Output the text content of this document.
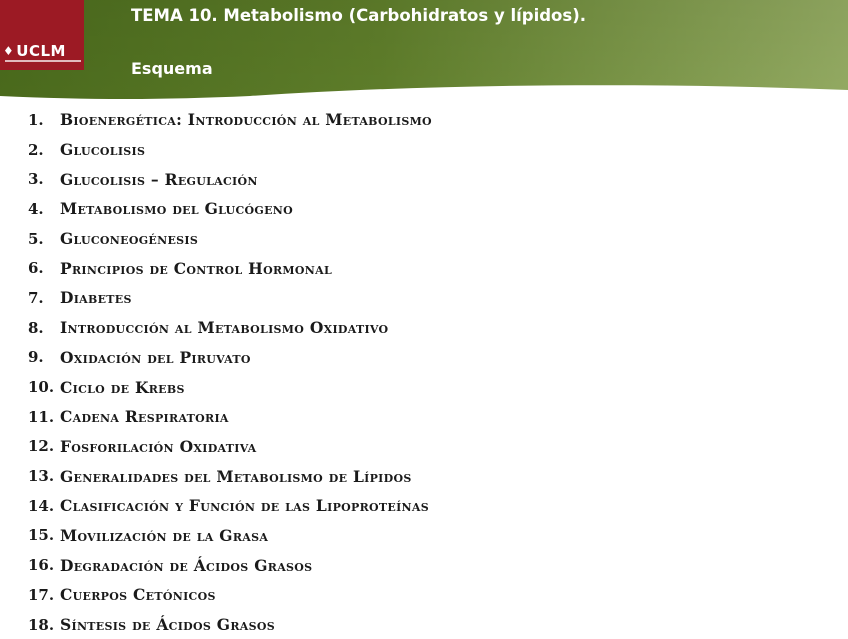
♦ UCLM
TEMA 10. Metabolismo (Carbohidratos y lípidos).
Esquema
1.	Bioenergética: Introducción al Metabolismo
2.	Glucolisis
3.	Glucolisis – Regulación
4.	Metabolismo del Glucógeno
5.	Gluconeogénesis
6.	Principios de Control Hormonal
7.	Diabetes
8.	Introducción al Metabolismo Oxidativo
9.	Oxidación del Piruvato
10. Ciclo de Krebs
11. Cadena Respiratoria
12. Fosforilación Oxidativa
13. Generalidades del Metabolismo de Lípidos
14. Clasificación y Función de las Lipoproteínas
15. Movilización de la Grasa
16. Degradación de Ácidos Grasos
17. Cuerpos Cetónicos
18. Síntesis de Ácidos Grasos
